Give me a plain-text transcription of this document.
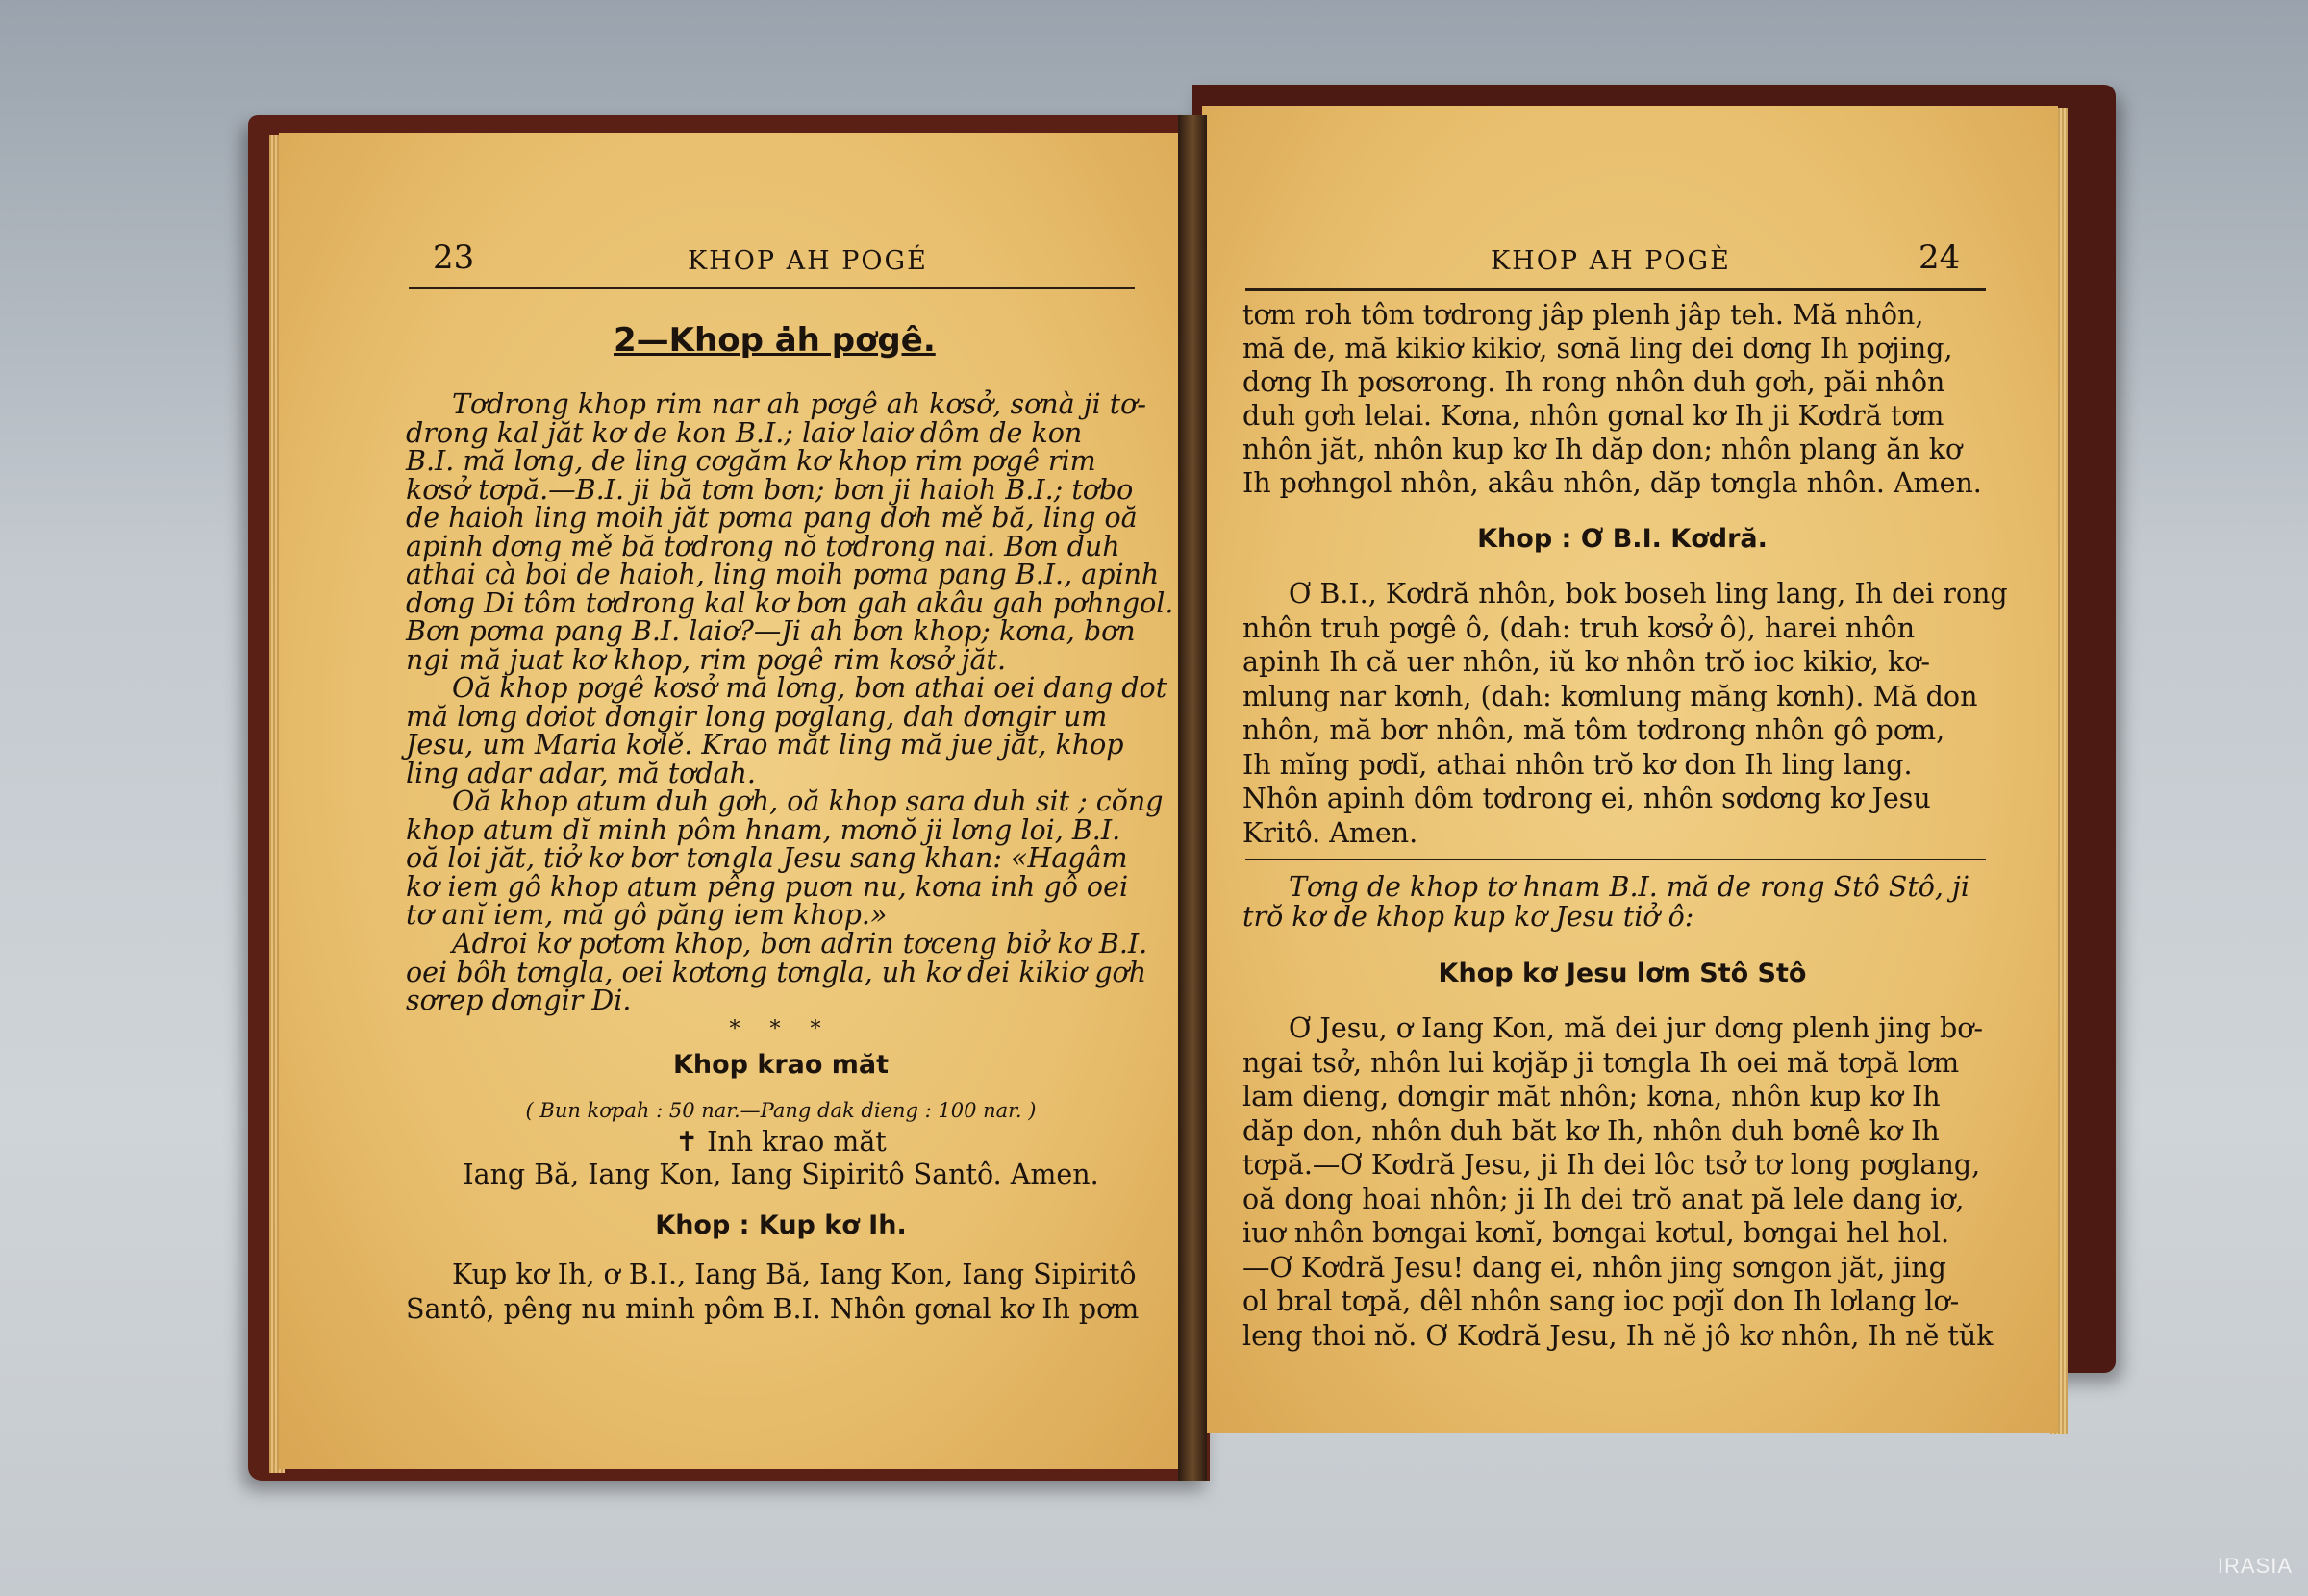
23	KHOP AH POGÉ
2—Khop ȧh pơgê.
Tơdrong khop rim nar ah pơgê ah kơsở, sơnà ji tơ-
drong kal jăt kơ de kon B.I.; laiơ laiơ dôm de kon
B.I. mă lơng, de ling cơgăm kơ khop rim pơgê rim
kơsở tơpă.—B.I. ji bă tơm bơn; bơn ji haioh B.I.; tơbo
de haioh ling moih jăt pơma pang dơh mě bă, ling oă
apinh dơng mě bă tơdrong nŏ tơdrong nai. Bơn duh
athai cà boi de haioh, ling moih pơma pang B.I., apinh
dơng Di tôm tơdrong kal kơ bơn gah akâu gah pơhngol.
Bơn pơma pang B.I. laiơ?—Ji ah bơn khop; kơna, bơn
ngi mă juat kơ khop, rim pơgê rim kơsở jăt.
Oă khop pơgê kơsở mă lơng, bơn athai oei dang dot
mă lơng dơiot dơngir long pơglang, dah dơngir um
Jesu, um Maria kơlě. Krao măt ling mă jue jăt, khop
ling adar adar, mă tơdah.
Oă khop atum duh gơh, oă khop sara duh sit ; cŏng
khop atum dĭ minh pôm hnam, mơnŏ ji lơng loi, B.I.
oă loi jăt, tiở kơ bơr tơngla Jesu sang khan: «Hagâm
kơ iem gô khop atum pêng puơn nu, kơna inh gô oei
tơ anĭ iem, mă gô păng iem khop.»
Adroi kơ pơtơm khop, bơn adrin tơceng biở kơ B.I.
oei bôh tơngla, oei kơtơng tơngla, uh kơ dei kikiơ gơh
sơrep dơngir Di.
* * *
Khop krao măt
( Bun kơpah : 50 nar.—Pang dak dieng : 100 nar. )
✝ Inh krao măt
Iang Bă, Iang Kon, Iang Sipiritô Santô. Amen.
Khop : Kup kơ Ih.
Kup kơ Ih, ơ B.I., Iang Bă, Iang Kon, Iang Sipiritô
Santô, pêng nu minh pôm B.I. Nhôn gơnal kơ Ih pơm
KHOP AH POGÈ	24
tơm roh tôm tơdrong jâp plenh jâp teh. Mă nhôn,
mă de, mă kikiơ kikiơ, sơnă ling dei dơng Ih pơjing,
dơng Ih pơsơrong. Ih rong nhôn duh gơh, păi nhôn
duh gơh lelai. Kơna, nhôn gơnal kơ Ih ji Kơdră tơm
nhôn jăt, nhôn kup kơ Ih dăp don; nhôn plang ăn kơ
Ih pơhngol nhôn, akâu nhôn, dăp tơngla nhôn. Amen.
Khop : Ơ B.I. Kơdră.
Ơ B.I., Kơdră nhôn, bok boseh ling lang, Ih dei rong
nhôn truh pơgê ô, (dah: truh kơsở ô), harei nhôn
apinh Ih că uer nhôn, iŭ kơ nhôn trŏ ioc kikiơ, kơ-
mlung nar kơnh, (dah: kơmlung măng kơnh). Mă don
nhôn, mă bơr nhôn, mă tôm tơdrong nhôn gô pơm,
Ih mĭng pơdĭ, athai nhôn trŏ kơ don Ih ling lang.
Nhôn apinh dôm tơdrong ei, nhôn sơdơng kơ Jesu
Kritô. Amen.
Tơng de khop tơ hnam B.I. mă de rong Stô Stô, ji
trŏ kơ de khop kup kơ Jesu tiở ô:
Khop kơ Jesu lơm Stô Stô
Ơ Jesu, ơ Iang Kon, mă dei jur dơng plenh jing bơ-
ngai tsở, nhôn lui kơjăp ji tơngla Ih oei mă tơpă lơm
lam dieng, dơngir măt nhôn; kơna, nhôn kup kơ Ih
dăp don, nhôn duh băt kơ Ih, nhôn duh bơnê kơ Ih
tơpă.—Ơ Kơdră Jesu, ji Ih dei lôc tsở tơ long pơglang,
oă dong hoai nhôn; ji Ih dei trŏ anat pă lele dang iơ,
iuơ nhôn bơngai kơnĭ, bơngai kơtul, bơngai hel hol.
—Ơ Kơdră Jesu! dang ei, nhôn jing sơngon jăt, jing
ol bral tơpă, dêl nhôn sang ioc pơjĭ don Ih lơlang lơ-
leng thoi nŏ. Ơ Kơdră Jesu, Ih nĕ jô kơ nhôn, Ih nĕ tŭk
IRASIA
